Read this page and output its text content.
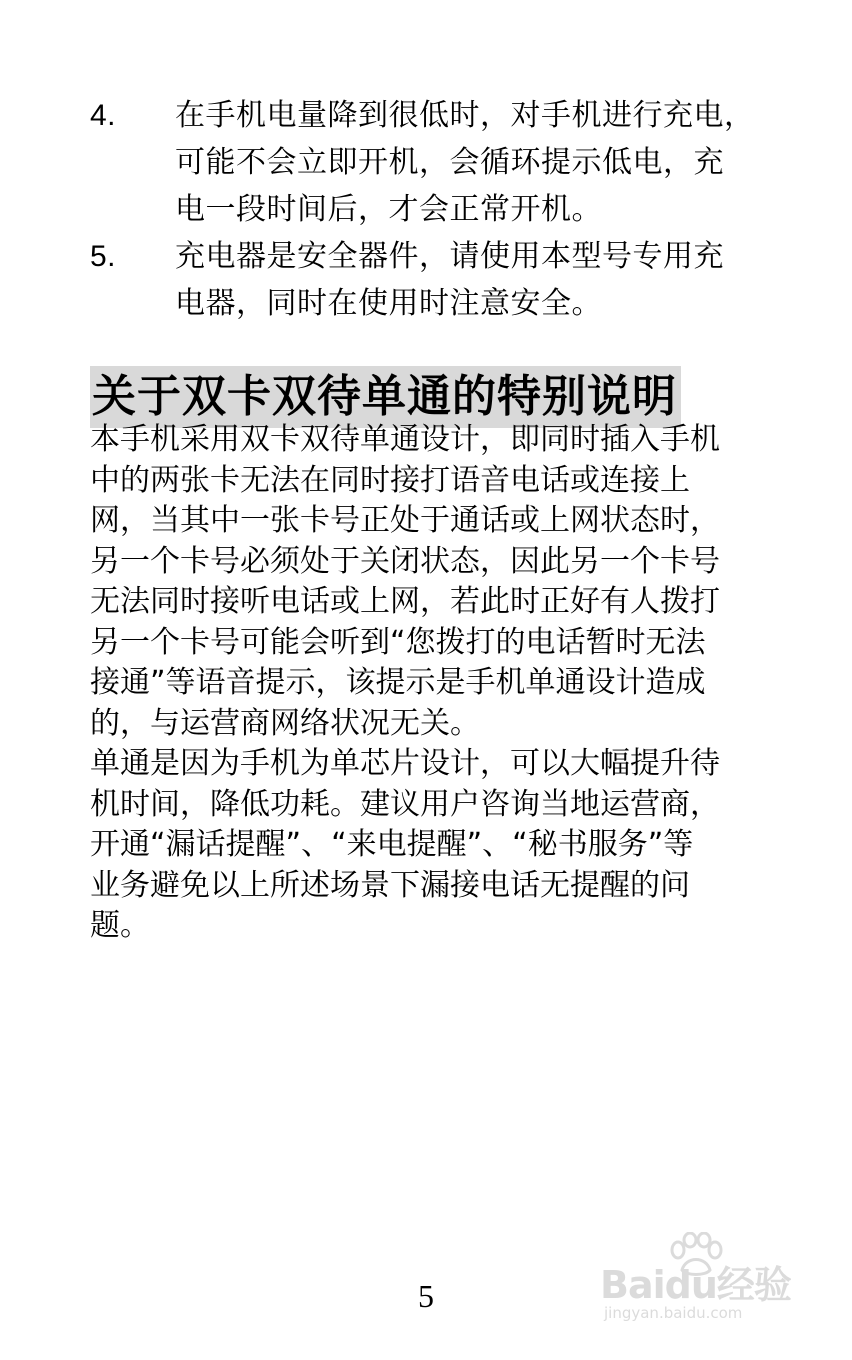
4. 在手机电量降到很低时，对手机进行充电，
可能不会立即开机，会循环提示低电，充
电一段时间后，才会正常开机。
5. 充电器是安全器件，请使用本型号专用充
电器，同时在使用时注意安全。
关于双卡双待单通的特别说明

本手机采用双卡双待单通设计，即同时插入手机
中的两张卡无法在同时接打语音电话或连接上
网，当其中一张卡号正处于通话或上网状态时，
另一个卡号必须处于关闭状态，因此另一个卡号
无法同时接听电话或上网，若此时正好有人拨打
另一个卡号可能会听到“您拨打的电话暂时无法
接通”等语音提示，该提示是手机单通设计造成
的，与运营商网络状况无关。

单通是因为手机为单芯片设计，可以大幅提升待
机时间，降低功耗。建议用户咨询当地运营商，
开通“漏话提醒”、“来电提醒”、“秘书服务”等
业务避免以上所述场景下漏接电话无提醒的问
题。

5	Baidu经验
jingyan.baidu.com
